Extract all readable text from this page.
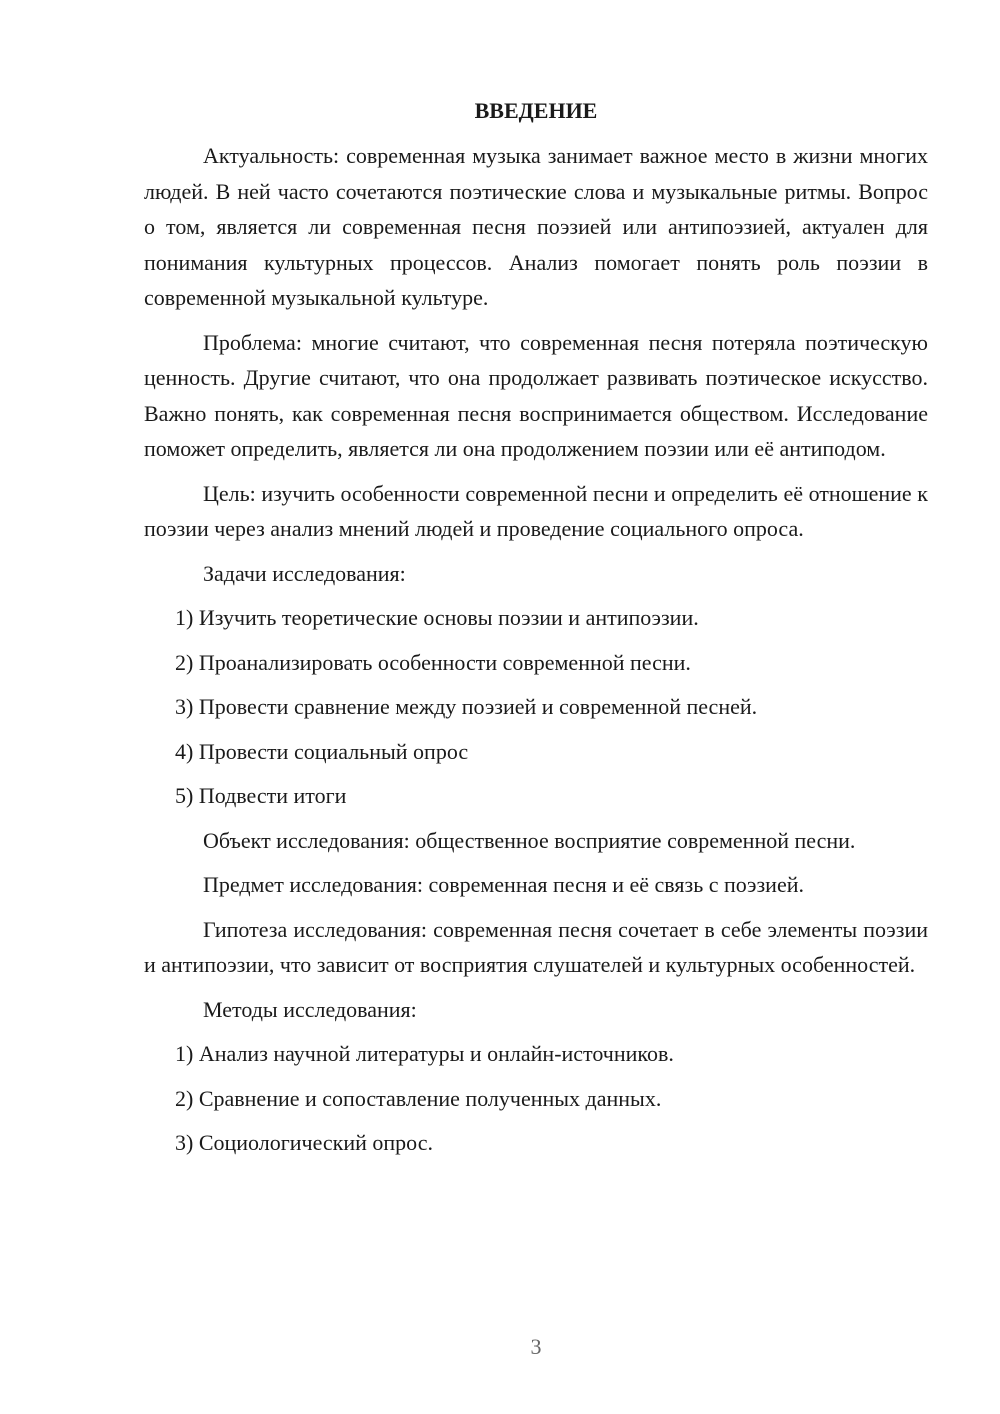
ВВЕДЕНИЕ

Актуальность: современная музыка занимает важное место в жизни многих людей. В ней часто сочетаются поэтические слова и музыкальные ритмы. Вопрос о том, является ли современная песня поэзией или антипоэзией, актуален для понимания культурных процессов. Анализ помогает понять роль поэзии в современной музыкальной культуре.

Проблема: многие считают, что современная песня потеряла поэтическую ценность. Другие считают, что она продолжает развивать поэтическое искусство. Важно понять, как современная песня воспринимается обществом. Исследование поможет определить, является ли она продолжением поэзии или её антиподом.

Цель: изучить особенности современной песни и определить её отношение к поэзии через анализ мнений людей и проведение социального опроса.

Задачи исследования:

1) Изучить теоретические основы поэзии и антипоэзии.

2) Проанализировать особенности современной песни.

3) Провести сравнение между поэзией и современной песней.

4) Провести социальный опрос

5) Подвести итоги

Объект исследования: общественное восприятие современной песни.

Предмет исследования: современная песня и её связь с поэзией.

Гипотеза исследования: современная песня сочетает в себе элементы поэзии и антипоэзии, что зависит от восприятия слушателей и культурных особенностей.

Методы исследования:

1) Анализ научной литературы и онлайн-источников.

2) Сравнение и сопоставление полученных данных.

3) Социологический опрос.

3
